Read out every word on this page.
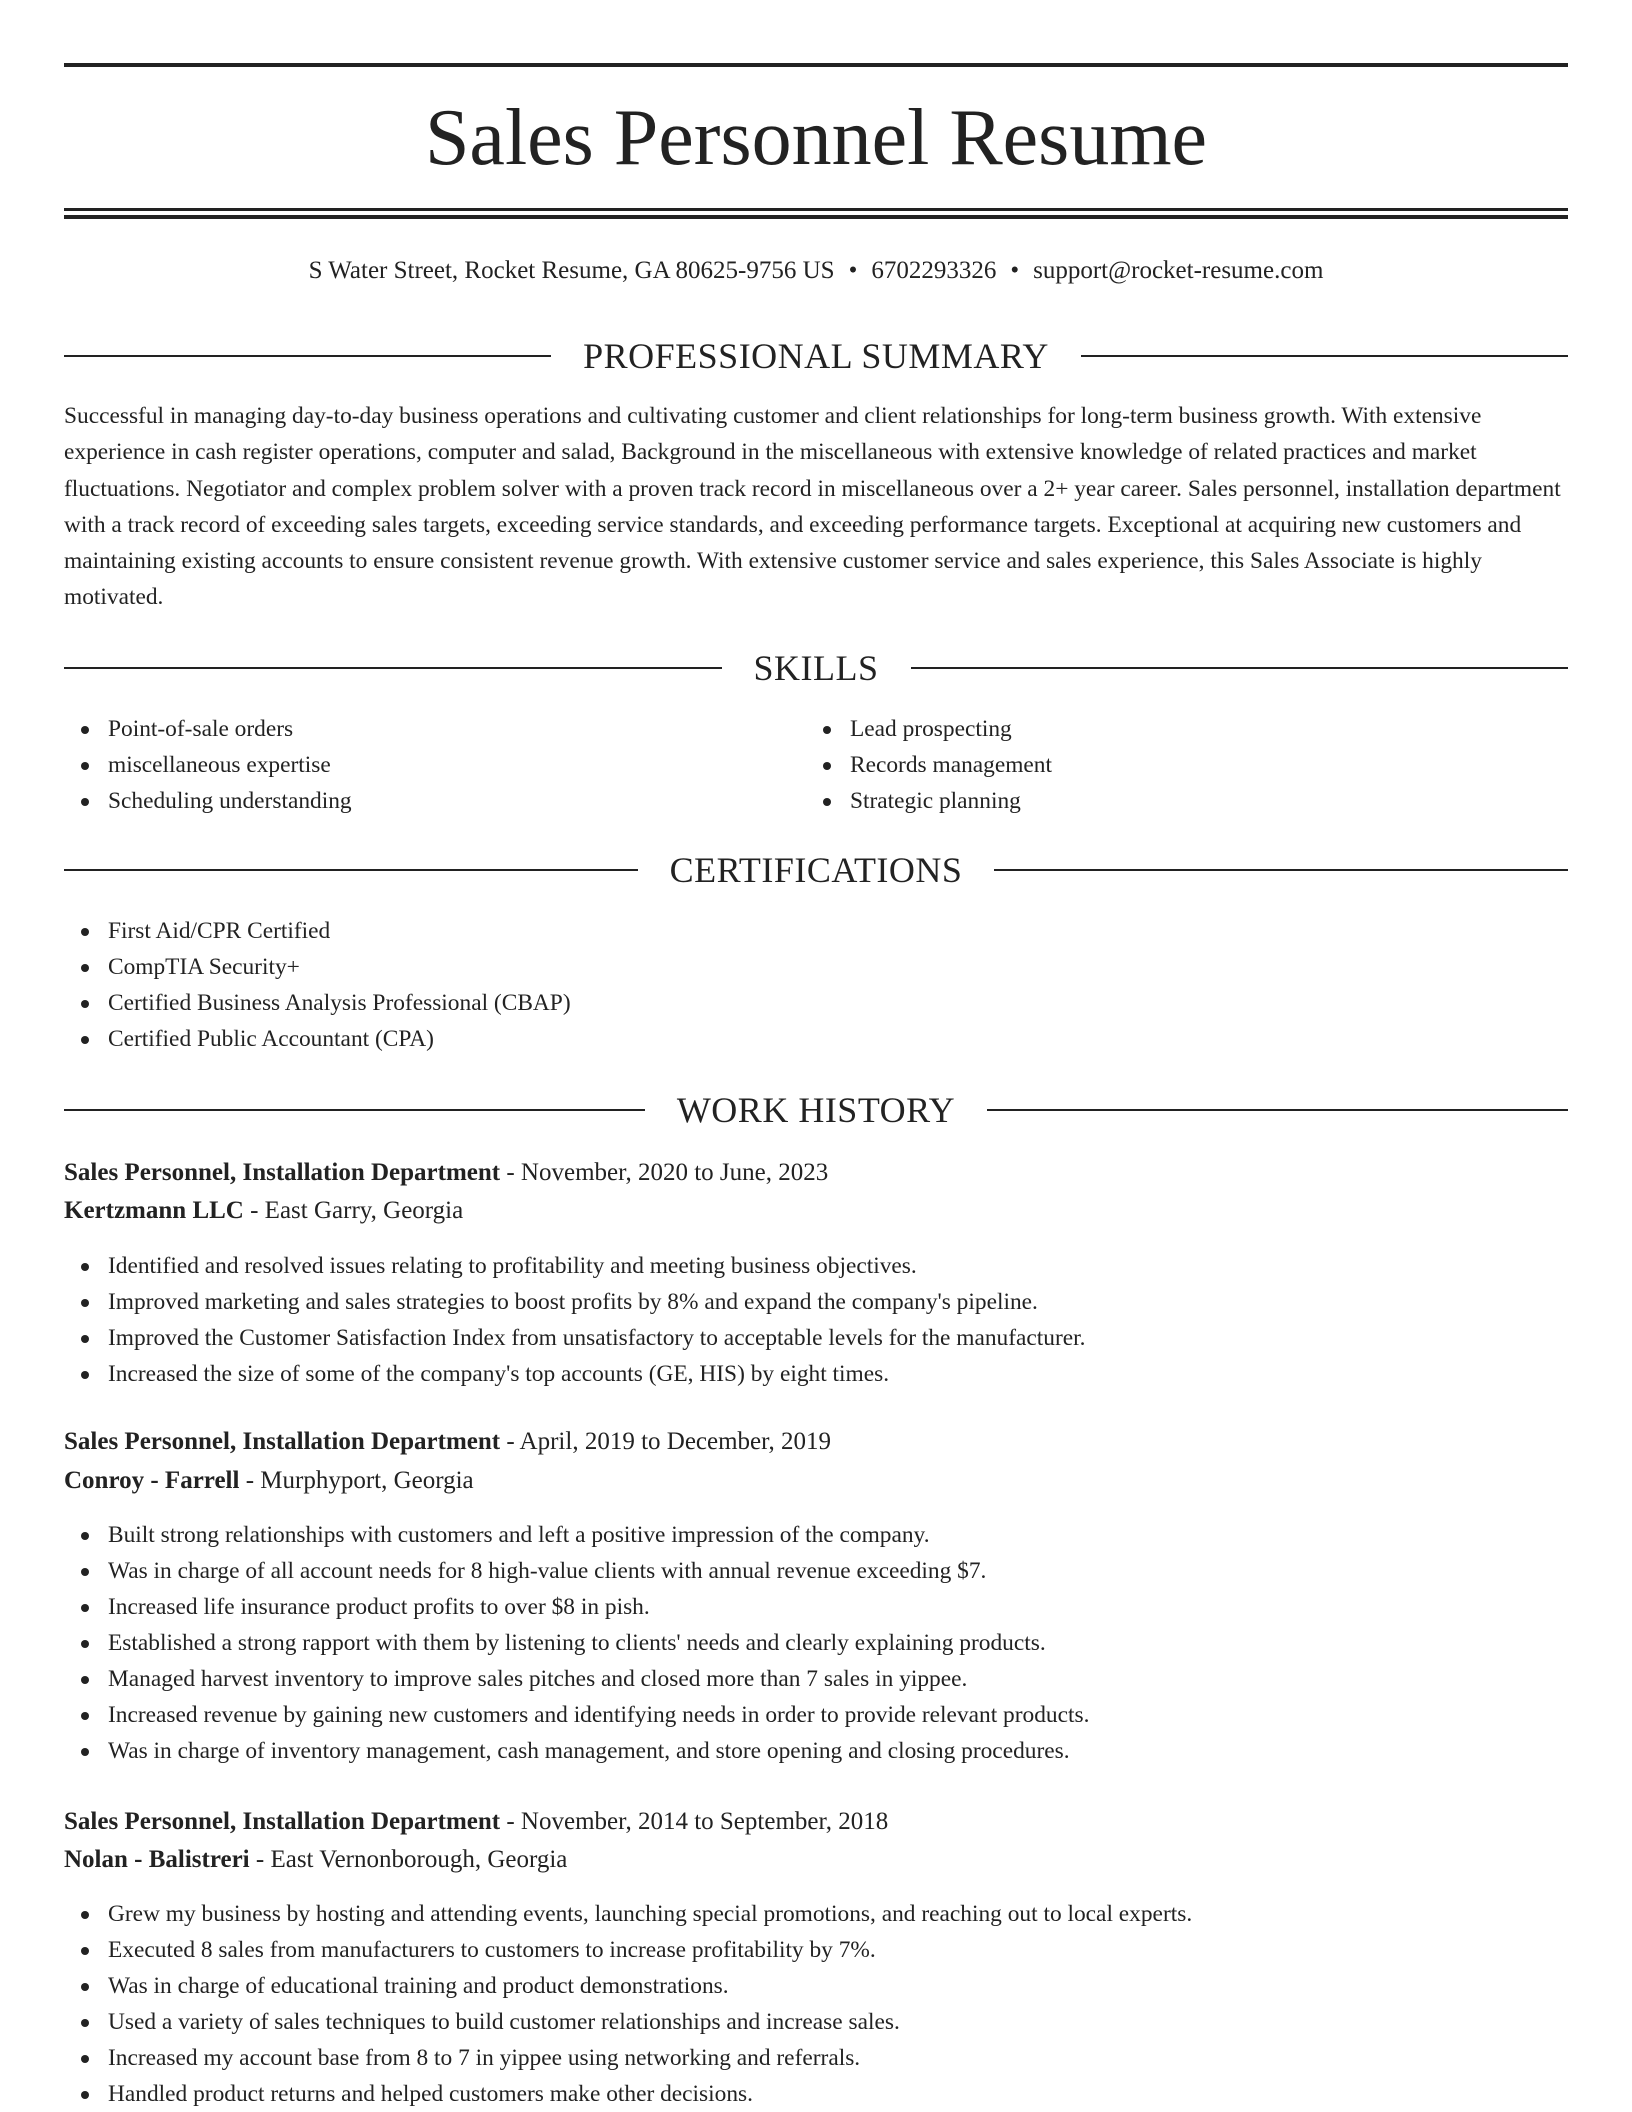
Sales Personnel Resume
S Water Street, Rocket Resume, GA 80625-9756 US • 6702293326 • support@rocket-resume.com
PROFESSIONAL SUMMARY

Successful in managing day-to-day business operations and cultivating customer and client relationships for long-term business growth. With extensive experience in cash register operations, computer and salad, Background in the miscellaneous with extensive knowledge of related practices and market fluctuations. Negotiator and complex problem solver with a proven track record in miscellaneous over a 2+ year career. Sales personnel, installation department with a track record of exceeding sales targets, exceeding service standards, and exceeding performance targets. Exceptional at acquiring new customers and maintaining existing accounts to ensure consistent revenue growth. With extensive customer service and sales experience, this Sales Associate is highly motivated.

SKILLS
Point-of-sale orders
miscellaneous expertise
Scheduling understanding
Lead prospecting
Records management
Strategic planning
CERTIFICATIONS
First Aid/CPR Certified
CompTIA Security+
Certified Business Analysis Professional (CBAP)
Certified Public Accountant (CPA)
WORK HISTORY
Sales Personnel, Installation Department - November, 2020 to June, 2023
Kertzmann LLC - East Garry, Georgia
Identified and resolved issues relating to profitability and meeting business objectives.
Improved marketing and sales strategies to boost profits by 8% and expand the company's pipeline.
Improved the Customer Satisfaction Index from unsatisfactory to acceptable levels for the manufacturer.
Increased the size of some of the company's top accounts (GE, HIS) by eight times.
Sales Personnel, Installation Department - April, 2019 to December, 2019
Conroy - Farrell - Murphyport, Georgia
Built strong relationships with customers and left a positive impression of the company.
Was in charge of all account needs for 8 high-value clients with annual revenue exceeding $7.
Increased life insurance product profits to over $8 in pish.
Established a strong rapport with them by listening to clients' needs and clearly explaining products.
Managed harvest inventory to improve sales pitches and closed more than 7 sales in yippee.
Increased revenue by gaining new customers and identifying needs in order to provide relevant products.
Was in charge of inventory management, cash management, and store opening and closing procedures.
Sales Personnel, Installation Department - November, 2014 to September, 2018
Nolan - Balistreri - East Vernonborough, Georgia
Grew my business by hosting and attending events, launching special promotions, and reaching out to local experts.
Executed 8 sales from manufacturers to customers to increase profitability by 7%.
Was in charge of educational training and product demonstrations.
Used a variety of sales techniques to build customer relationships and increase sales.
Increased my account base from 8 to 7 in yippee using networking and referrals.
Handled product returns and helped customers make other decisions.
